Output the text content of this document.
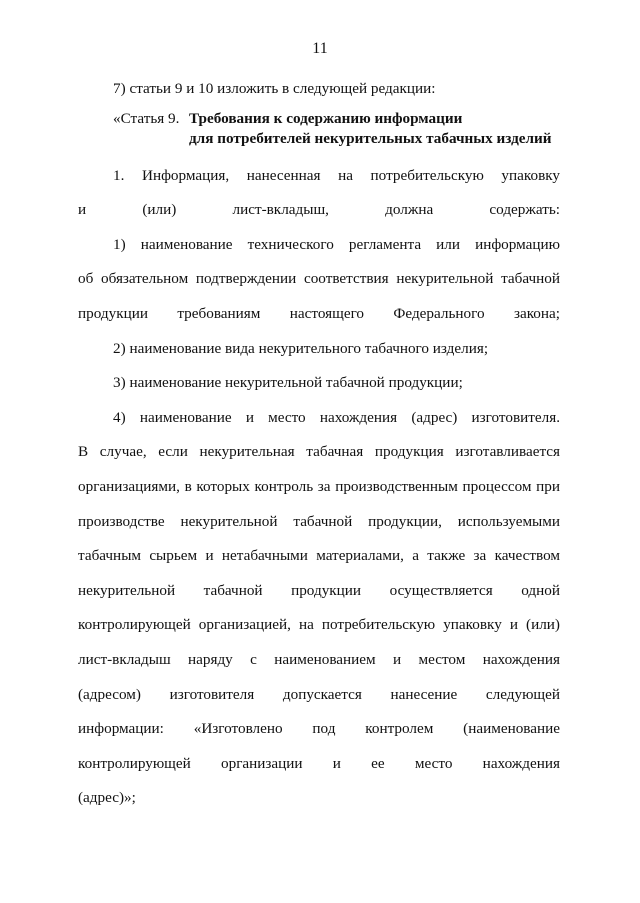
11

7) статьи 9 и 10 изложить в следующей редакции:

«Статья 9. Требования к содержанию информации
для потребителей некурительных табачных изделий

1. Информация, нанесенная на потребительскую упаковку
и (или) лист-вкладыш, должна содержать:

1) наименование технического регламента или информацию
об обязательном подтверждении соответствия некурительной табачной
продукции требованиям настоящего Федерального закона;

2) наименование вида некурительного табачного изделия;

3) наименование некурительной табачной продукции;

4) наименование и место нахождения (адрес) изготовителя.
В случае, если некурительная табачная продукция изготавливается
организациями, в которых контроль за производственным процессом при
производстве некурительной табачной продукции, используемыми
табачным сырьем и нетабачными материалами, а также за качеством
некурительной табачной продукции осуществляется одной
контролирующей организацией, на потребительскую упаковку и (или)
лист-вкладыш наряду с наименованием и местом нахождения
(адресом) изготовителя допускается нанесение следующей
информации: «Изготовлено под контролем (наименование
контролирующей организации и ее место нахождения
(адрес)»;
